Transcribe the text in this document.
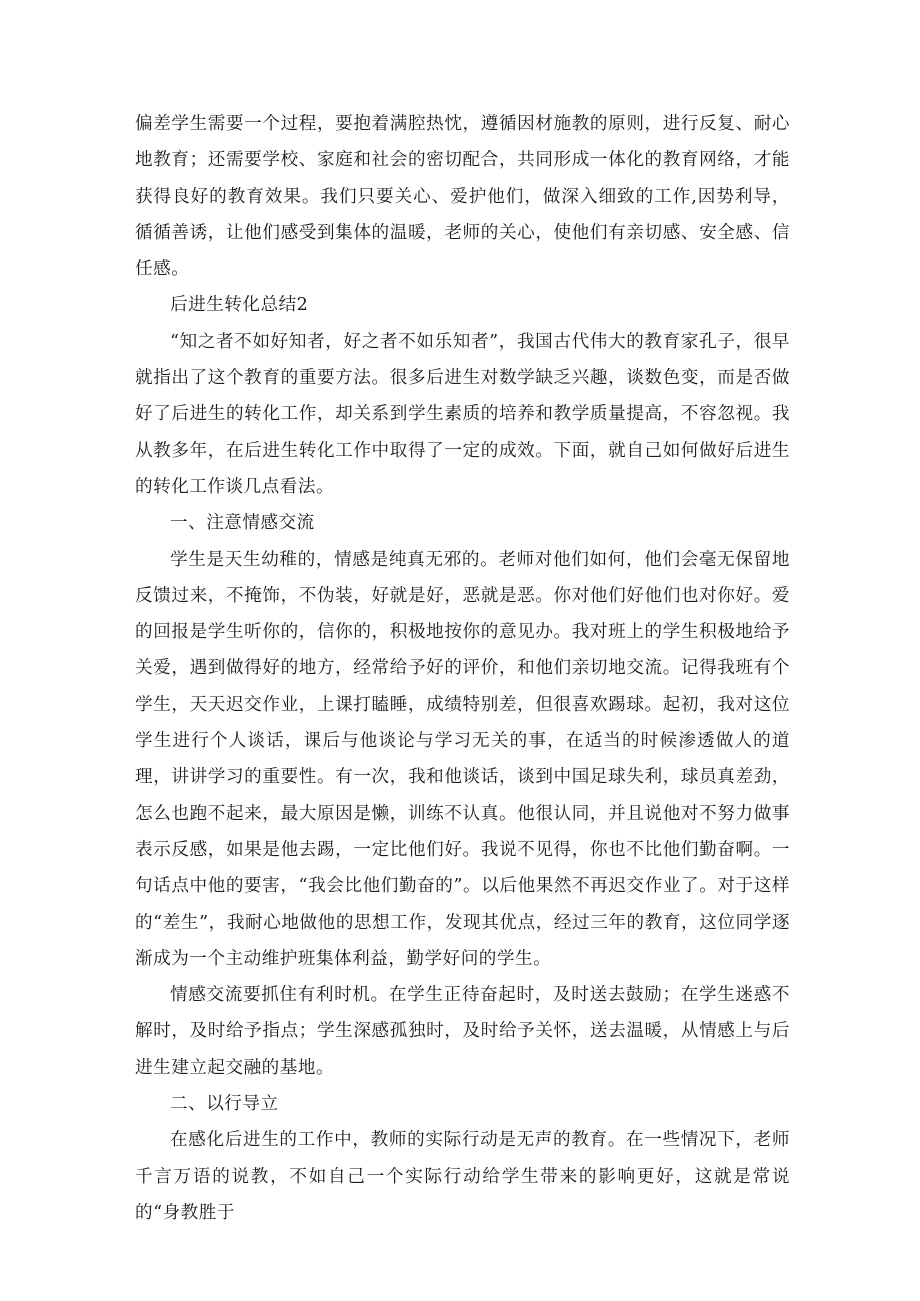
偏差学生需要一个过程，要抱着满腔热忱，遵循因材施教的原则，进行反复、耐心地教育；还需要学校、家庭和社会的密切配合，共同形成一体化的教育网络，才能获得良好的教育效果。我们只要关心、爱护他们，做深入细致的工作,因势利导，循循善诱，让他们感受到集体的温暖，老师的关心，使他们有亲切感、安全感、信任感。

后进生转化总结2

“知之者不如好知者，好之者不如乐知者”，我国古代伟大的教育家孔子，很早就指出了这个教育的重要方法。很多后进生对数学缺乏兴趣，谈数色变，而是否做好了后进生的转化工作，却关系到学生素质的培养和教学质量提高，不容忽视。我从教多年，在后进生转化工作中取得了一定的成效。下面，就自己如何做好后进生的转化工作谈几点看法。

一、注意情感交流

学生是天生幼稚的，情感是纯真无邪的。老师对他们如何，他们会毫无保留地反馈过来，不掩饰，不伪装，好就是好，恶就是恶。你对他们好他们也对你好。爱的回报是学生听你的，信你的，积极地按你的意见办。我对班上的学生积极地给予关爱，遇到做得好的地方，经常给予好的评价，和他们亲切地交流。记得我班有个学生，天天迟交作业，上课打瞌睡，成绩特别差，但很喜欢踢球。起初，我对这位学生进行个人谈话，课后与他谈论与学习无关的事，在适当的时候渗透做人的道理，讲讲学习的重要性。有一次，我和他谈话，谈到中国足球失利，球员真差劲，怎么也跑不起来，最大原因是懒，训练不认真。他很认同，并且说他对不努力做事表示反感，如果是他去踢，一定比他们好。我说不见得，你也不比他们勤奋啊。一句话点中他的要害，“我会比他们勤奋的”。以后他果然不再迟交作业了。对于这样的“差生”，我耐心地做他的思想工作，发现其优点，经过三年的教育，这位同学逐渐成为一个主动维护班集体利益，勤学好问的学生。

情感交流要抓住有利时机。在学生正待奋起时，及时送去鼓励；在学生迷惑不解时，及时给予指点；学生深感孤独时，及时给予关怀，送去温暖，从情感上与后进生建立起交融的基地。

二、以行导立

在感化后进生的工作中，教师的实际行动是无声的教育。在一些情况下，老师千言万语的说教，不如自己一个实际行动给学生带来的影响更好，这就是常说的“身教胜于
